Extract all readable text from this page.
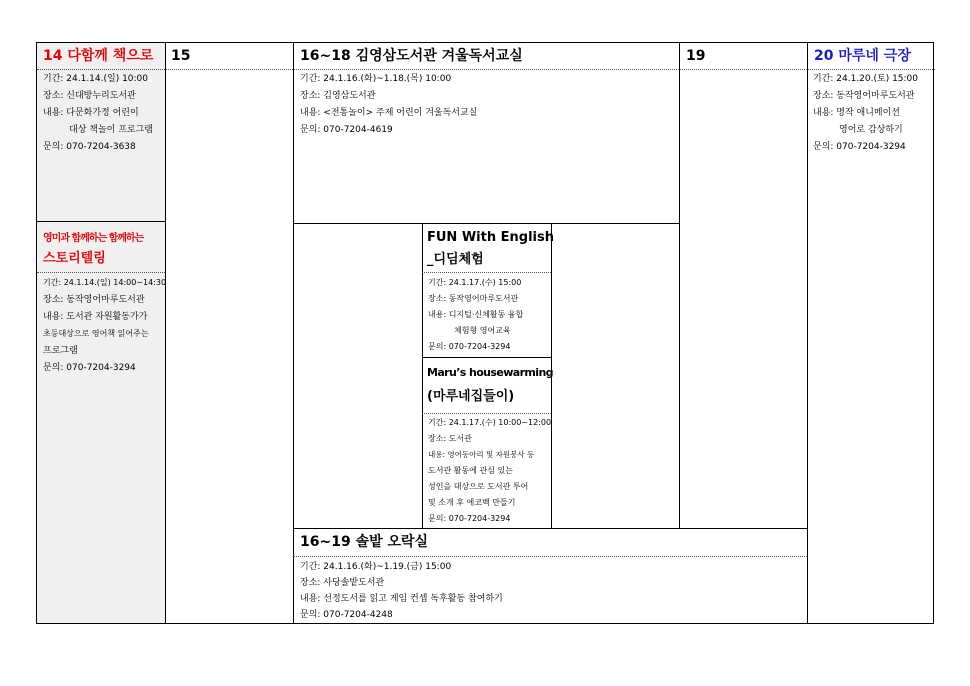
14 다함께 책으로
기간: 24.1.14.(일) 10:00
장소: 신대방누리도서관
내용: 다문화가정 어린이
대상 책놀이 프로그램
문의: 070-7204-3638
영미과 함께하는 함께하는
스토리텔링
기간: 24.1.14.(일) 14:00~14:30
장소: 동작영어마루도서관
내용: 도서관 자원활동가가
초등대상으로 영어책 읽어주는
프로그램
문의: 070-7204-3294
15	16~18 김영삼도서관 겨울독서교실
기간: 24.1.16.(화)~1.18.(목) 10:00
장소: 김영삼도서관
내용: <전통놀이> 주제 어린이 겨울독서교실
문의: 070-7204-4619
FUN With English
_디딤체험
기간: 24.1.17.(수) 15:00
장소: 동작영어마루도서관
내용: 디지털·신체활동 융합
체험형 영어교육
문의: 070-7204-3294
Maru’s housewarming
(마루네집들이)
기간: 24.1.17.(수) 10:00~12:00
장소: 도서관
내용: 영어동아리 및 자원봉사 등
도서관 활동에 관심 있는
성인을 대상으로 도서관 투어
및 소개 후 에코백 만들기
문의: 070-7204-3294
16~19 솔밭 오락실
기간: 24.1.16.(화)~1.19.(금) 15:00
장소: 사당솔밭도서관
내용: 선정도서를 읽고 게임 컨셉 독후활동 참여하기
문의: 070-7204-4248
19	20 마루네 극장
기간: 24.1.20.(토) 15:00
장소: 동작영어마루도서관
내용: 명작 애니메이션
영어로 감상하기
문의: 070-7204-3294
